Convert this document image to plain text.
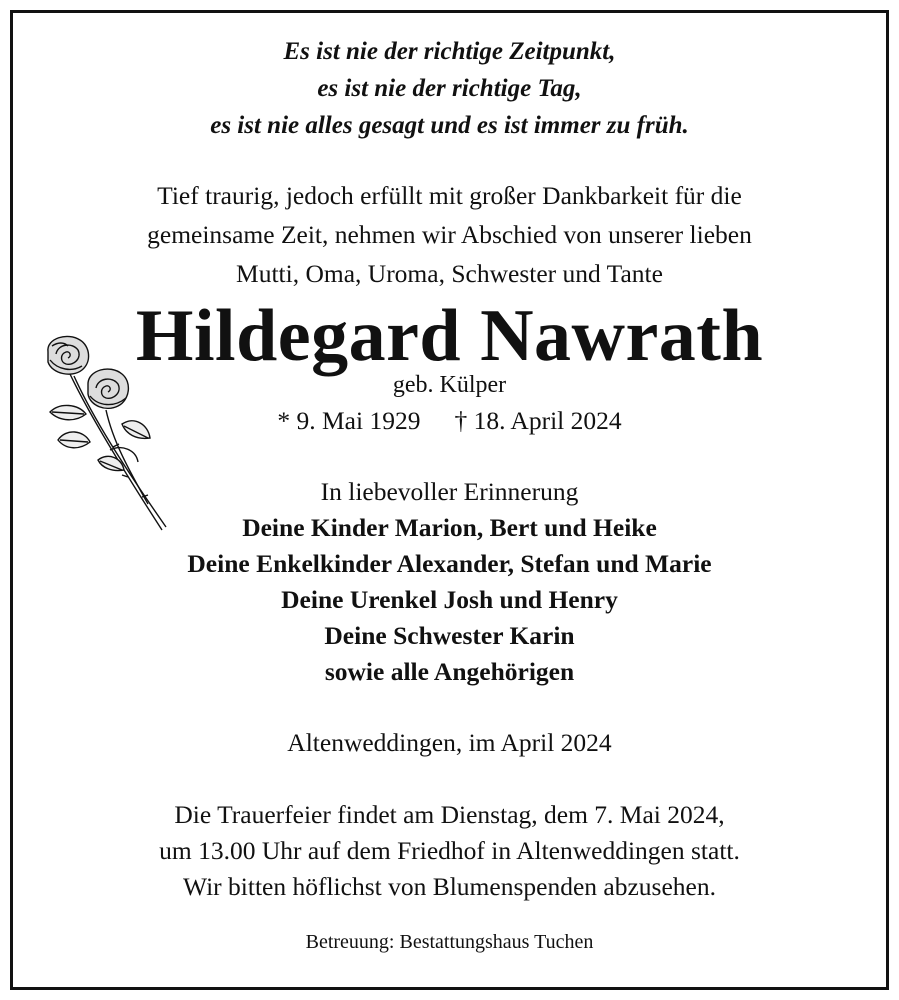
Es ist nie der richtige Zeitpunkt,
es ist nie der richtige Tag,
es ist nie alles gesagt und es ist immer zu früh.
Tief traurig, jedoch erfüllt mit großer Dankbarkeit für die
gemeinsame Zeit, nehmen wir Abschied von unserer lieben
Mutti, Oma, Uroma, Schwester und Tante
Hildegard Nawrath
geb. Külper
* 9. Mai 1929 † 18. April 2024
In liebevoller Erinnerung
Deine Kinder Marion, Bert und Heike
Deine Enkelkinder Alexander, Stefan und Marie
Deine Urenkel Josh und Henry
Deine Schwester Karin
sowie alle Angehörigen
Altenweddingen, im April 2024
Die Trauerfeier findet am Dienstag, dem 7. Mai 2024,
um 13.00 Uhr auf dem Friedhof in Altenweddingen statt.
Wir bitten höflichst von Blumenspenden abzusehen.
Betreuung: Bestattungshaus Tuchen
